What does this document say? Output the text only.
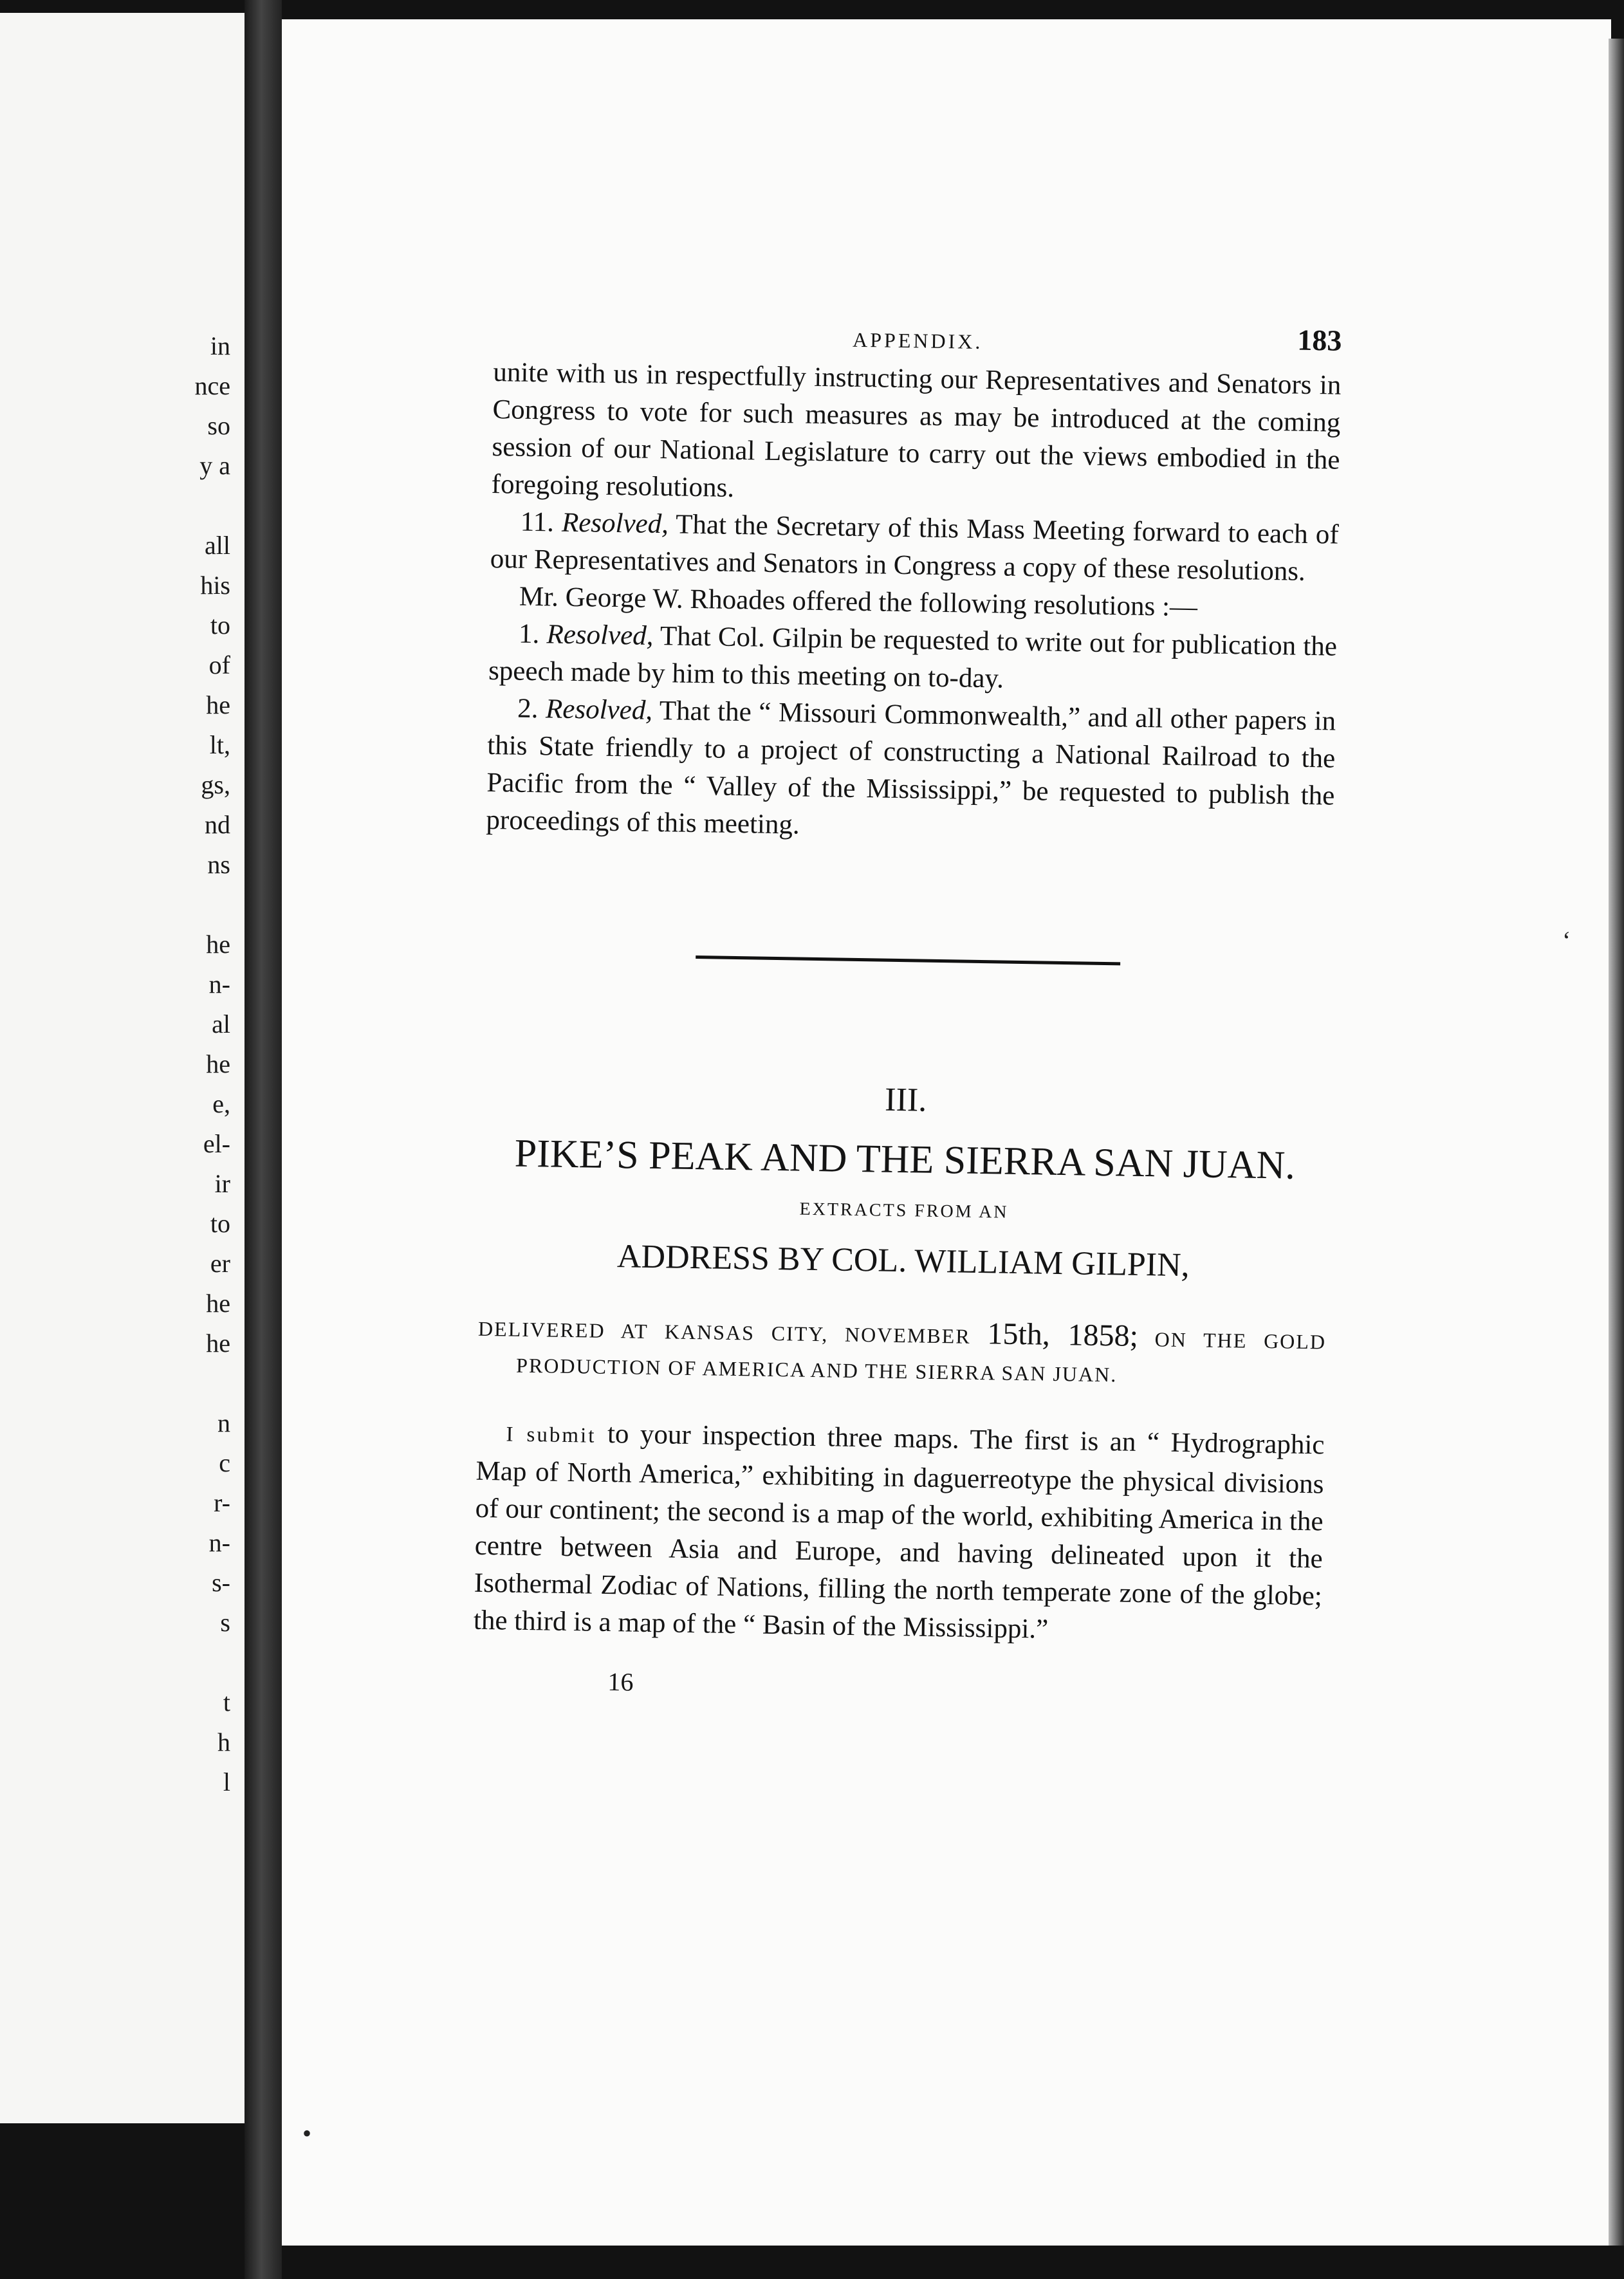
in

nce

so

y a

all

his

to

of

he

lt,

gs,

nd

ns

he

n-

al

he

e,

el-

ir

to

er

he

he

n

c

r-

n-

s-

s

t

h

l

APPENDIX.	183

unite with us in respectfully instructing our Representatives and Senators in Congress to vote for such measures as may be introduced at the coming session of our National Legislature to carry out the views embodied in the foregoing resolutions.

11. Resolved, That the Secretary of this Mass Meeting forward to each of our Representatives and Senators in Congress a copy of these resolutions.

Mr. George W. Rhoades offered the following resolutions :—

1. Resolved, That Col. Gilpin be requested to write out for publication the speech made by him to this meeting on to-day.

2. Resolved, That the “ Missouri Commonwealth,” and all other papers in this State friendly to a project of constructing a National Railroad to the Pacific from the “ Valley of the Mississippi,” be requested to publish the proceedings of this meeting.

III.

PIKE’S PEAK AND THE SIERRA SAN JUAN.

EXTRACTS FROM AN

ADDRESS BY COL. WILLIAM GILPIN,

DELIVERED AT KANSAS CITY, NOVEMBER 15th, 1858; ON THE GOLD PRODUCTION OF AMERICA AND THE SIERRA SAN JUAN.

I submit to your inspection three maps. The first is an “ Hydrographic Map of North America,” exhibiting in daguerreotype the physical divisions of our continent; the second is a map of the world, exhibiting America in the centre between Asia and Europe, and having delineated upon it the Isothermal Zodiac of Nations, filling the north temperate zone of the globe; the third is a map of the “ Basin of the Mississippi.”

16

•
‘
